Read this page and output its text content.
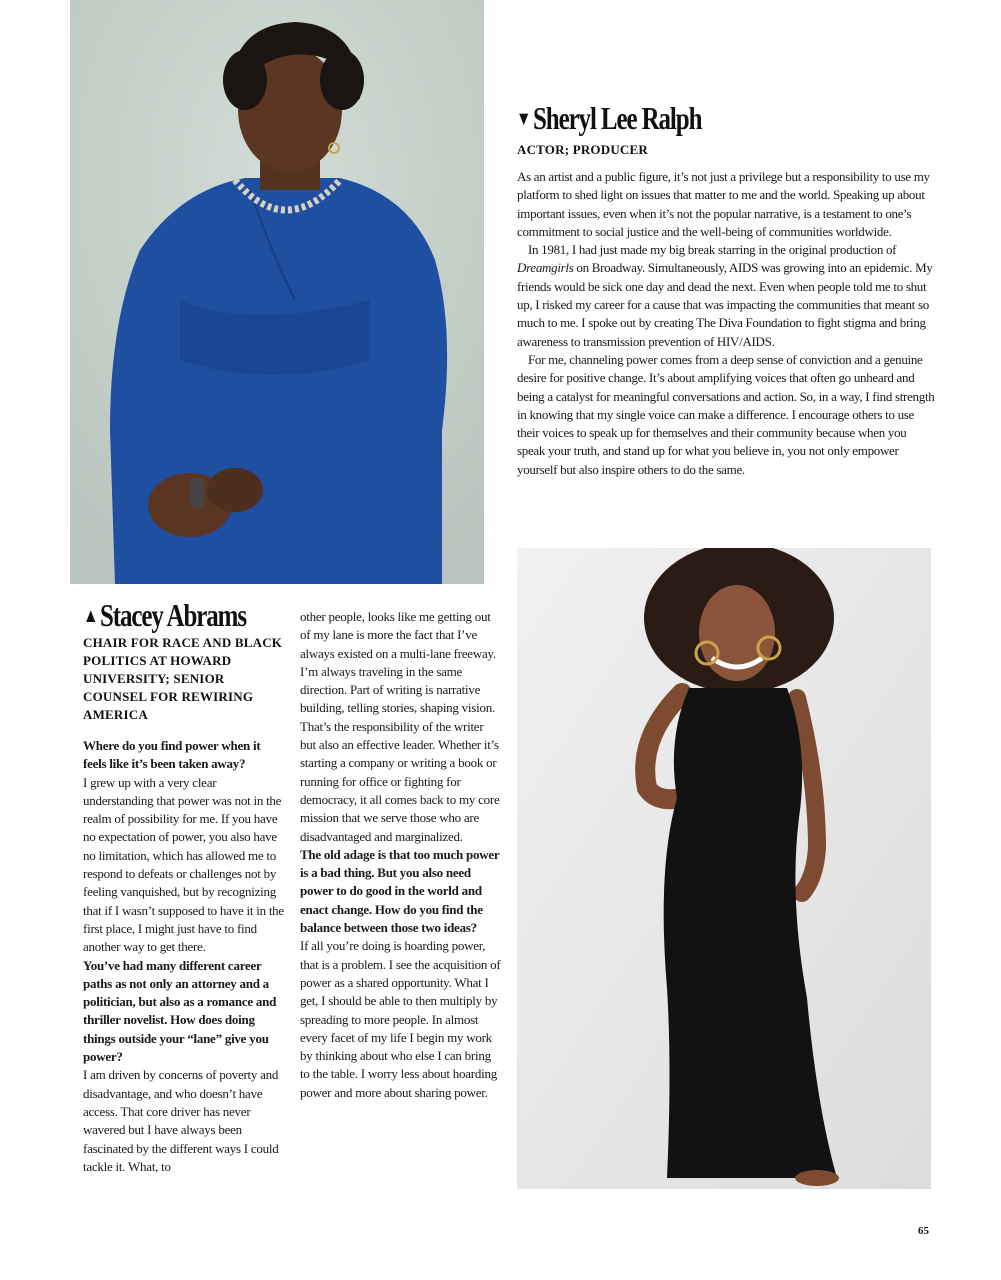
▼Sheryl Lee Ralph
ACTOR; PRODUCER

As an artist and a public figure, it’s not just a privilege but a responsibility to use my platform to shed light on issues that matter to me and the world. Speaking up about important issues, even when it’s not the popular narrative, is a testament to one’s commitment to social justice and the well-being of communities worldwide.

In 1981, I had just made my big break starring in the original production of Dreamgirls on Broadway. Simultaneously, AIDS was growing into an epidemic. My friends would be sick one day and dead the next. Even when people told me to shut up, I risked my career for a cause that was impacting the communities that meant so much to me. I spoke out by creating The Diva Foundation to fight stigma and bring awareness to transmission prevention of HIV/AIDS.

For me, channeling power comes from a deep sense of conviction and a genuine desire for positive change. It’s about amplifying voices that often go unheard and being a catalyst for meaningful conversations and action. So, in a way, I find strength in knowing that my single voice can make a difference. I encourage others to use their voices to speak up for themselves and their community because when you speak your truth, and stand up for what you believe in, you not only empower yourself but also inspire others to do the same.

▲Stacey Abrams
CHAIR FOR RACE AND BLACK POLITICS AT HOWARD UNIVERSITY; SENIOR COUNSEL FOR REWIRING AMERICA

Where do you find power when it feels like it’s been taken away?

I grew up with a very clear understanding that power was not in the realm of possibility for me. If you have no expectation of power, you also have no limitation, which has allowed me to respond to defeats or challenges not by feeling vanquished, but by recognizing that if I wasn’t supposed to have it in the first place, I might just have to find another way to get there.

You’ve had many different career paths as not only an attorney and a politician, but also as a romance and thriller novelist. How does doing things outside your “lane” give you power?

I am driven by concerns of poverty and disadvantage, and who doesn’t have access. That core driver has never wavered but I have always been fascinated by the different ways I could tackle it. What, to

other people, looks like me getting out of my lane is more the fact that I’ve always existed on a multi-lane freeway. I’m always traveling in the same direction. Part of writing is narrative building, telling stories, shaping vision. That’s the responsibility of the writer but also an effective leader. Whether it’s starting a company or writing a book or running for office or fighting for democracy, it all comes back to my core mission that we serve those who are disadvantaged and marginalized.

The old adage is that too much power is a bad thing. But you also need power to do good in the world and enact change. How do you find the balance between those two ideas?

If all you’re doing is hoarding power, that is a problem. I see the acquisition of power as a shared opportunity. What I get, I should be able to then multiply by spreading to more people. In almost every facet of my life I begin my work by thinking about who else I can bring to the table. I worry less about hoarding power and more about sharing power.

65
